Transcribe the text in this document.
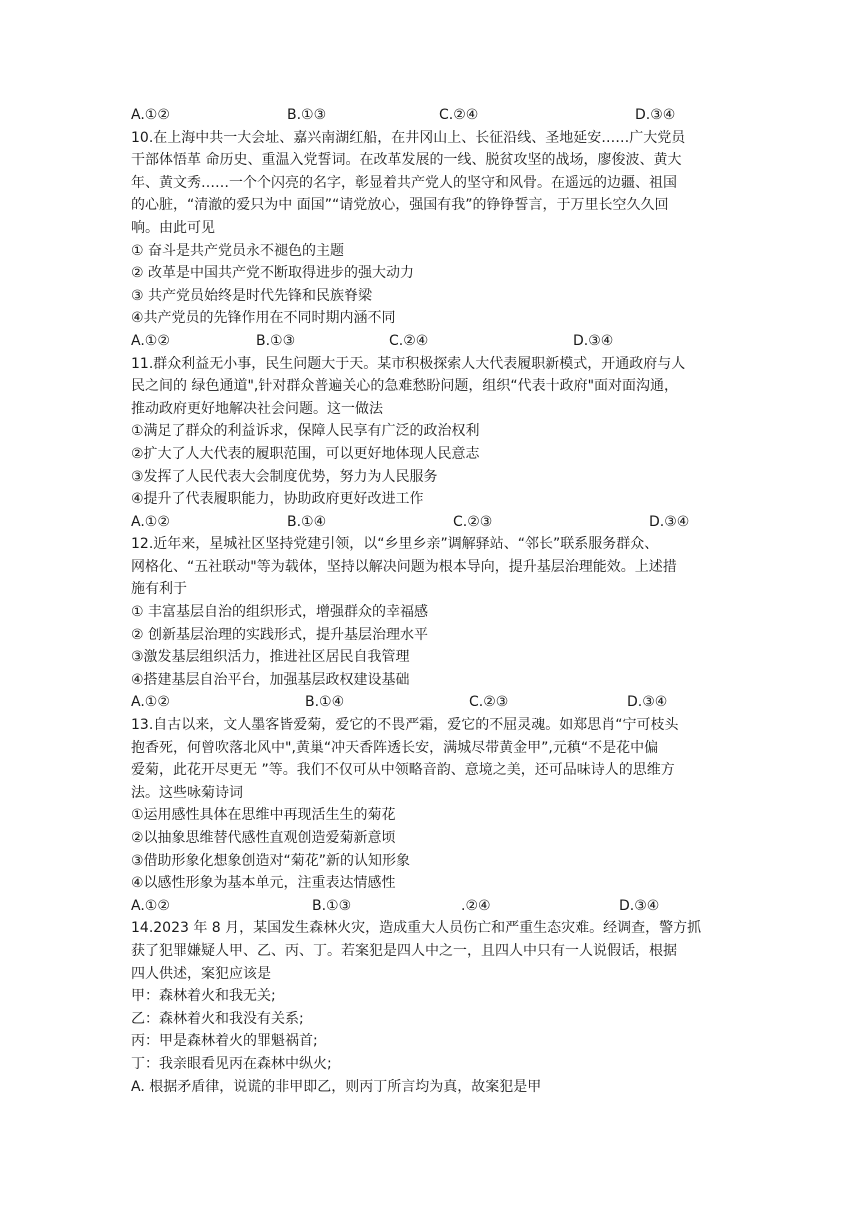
A.①②	B.①③	C.②④	D.③④
10.在上海中共一大会址、嘉兴南湖红船，在井冈山上、长征沿线、圣地延安……广大党员
干部体悟革 命历史、重温入党誓词。在改革发展的一线、脱贫攻坚的战场，廖俊波、黄大
年、黄文秀……一个个闪亮的名字，彰显着共产党人的坚守和风骨。在遥远的边疆、祖国
的心脏，“清澈的爱只为中 面国”“请党放心，强国有我”的铮铮誓言，于万里长空久久回
响。由此可见
① 奋斗是共产党员永不褪色的主题
② 改革是中国共产党不断取得进步的强大动力
③ 共产党员始终是时代先锋和民族脊梁
④共产党员的先锋作用在不同时期内涵不同
A.①②	B.①③	C.②④	D.③④
11.群众利益无小事，民生问题大于天。某市积极探索人大代表履职新模式，开通政府与人
民之间的 绿色通道",针对群众普遍关心的急难愁盼问题，组织“代表十政府"面对面沟通，
推动政府更好地解决社会问题。这一做法
①满足了群众的利益诉求，保障人民享有广泛的政治权利
②扩大了人大代表的履职范围，可以更好地体现人民意志
③发挥了人民代表大会制度优势，努力为人民服务
④提升了代表履职能力，协助政府更好改进工作
A.①②	B.①④	C.②③	D.③④
12.近年来，星城社区坚持党建引领，以“乡里乡亲”调解驿站、“邻长”联系服务群众、
网格化、“五社联动"等为载体，坚持以解决问题为根本导向，提升基层治理能效。上述措
施有利于
① 丰富基层自治的组织形式，增强群众的幸福感
② 创新基层治理的实践形式，提升基层治理水平
③激发基层组织活力，推进社区居民自我管理
④搭建基层自治平台，加强基层政权建设基础
A.①②	B.①④	C.②③	D.③④
13.自古以来，文人墨客皆爱菊，爱它的不畏严霜，爱它的不屈灵魂。如郑思肖“宁可枝头
抱香死，何曾吹落北风中",黄巢“冲天香阵透长安，满城尽带黄金甲”,元稹“不是花中偏
爱菊，此花开尽更无 ”等。我们不仅可从中领略音韵、意境之美，还可品味诗人的思维方
法。这些咏菊诗词
①运用感性具体在思维中再现活生生的菊花
②以抽象思维替代感性直观创造爱菊新意顷
③借助形象化想象创造对“菊花”新的认知形象
④以感性形象为基本单元，注重表达情感性
A.①②	B.①③	.②④	D.③④
14.2023 年 8 月，某国发生森林火灾，造成重大人员伤亡和严重生态灾难。经调查，警方抓
获了犯罪嫌疑人甲、乙、丙、丁。若案犯是四人中之一，且四人中只有一人说假话，根据
四人供述，案犯应该是
甲：森林着火和我无关;
乙：森林着火和我没有关系;
丙：甲是森林着火的罪魁祸首;
丁：我亲眼看见丙在森林中纵火;
A. 根据矛盾律，说谎的非甲即乙，则丙丁所言均为真，故案犯是甲
